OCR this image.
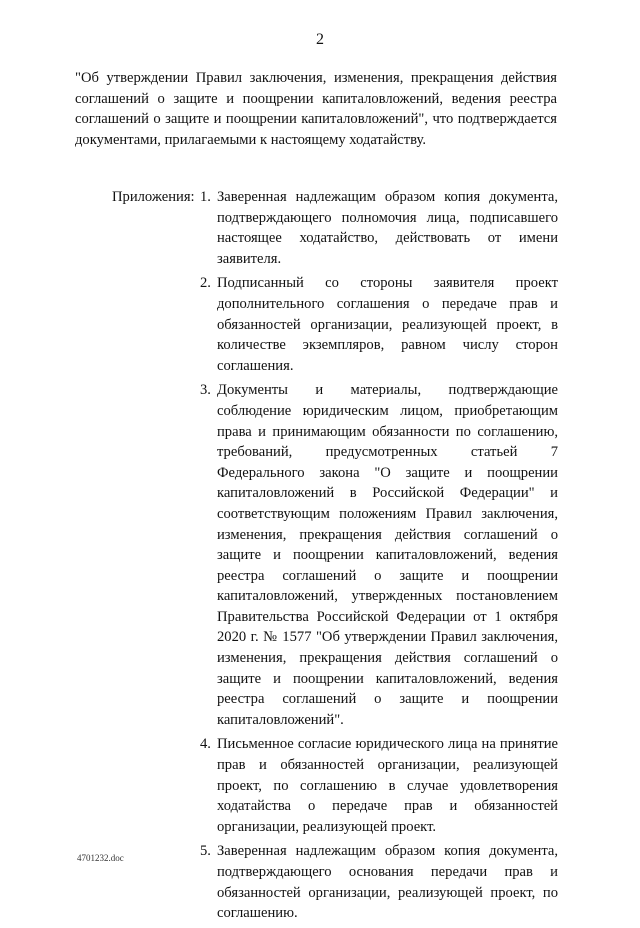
2

"Об утверждении Правил заключения, изменения, прекращения действия соглашений о защите и поощрении капиталовложений, ведения реестра соглашений о защите и поощрении капиталовложений", что подтверждается документами, прилагаемыми к настоящему ходатайству.

Приложения: 1. Заверенная надлежащим образом копия документа, подтверждающего полномочия лица, подписавшего настоящее ходатайство, действовать от имени заявителя.
2. Подписанный со стороны заявителя проект дополнительного соглашения о передаче прав и обязанностей организации, реализующей проект, в количестве экземпляров, равном числу сторон соглашения.
3. Документы и материалы, подтверждающие соблюдение юридическим лицом, приобретающим права и принимающим обязанности по соглашению, требований, предусмотренных статьей 7 Федерального закона "О защите и поощрении капиталовложений в Российской Федерации" и соответствующим положениям Правил заключения, изменения, прекращения действия соглашений о защите и поощрении капиталовложений, ведения реестра соглашений о защите и поощрении капиталовложений, утвержденных постановлением Правительства Российской Федерации от 1 октября 2020 г. № 1577 "Об утверждении Правил заключения, изменения, прекращения действия соглашений о защите и поощрении капиталовложений, ведения реестра соглашений о защите и поощрении капиталовложений".
4. Письменное согласие юридического лица на принятие прав и обязанностей организации, реализующей проект, по соглашению в случае удовлетворения ходатайства о передаче прав и обязанностей организации, реализующей проект.
5. Заверенная надлежащим образом копия документа, подтверждающего основания передачи прав и обязанностей организации, реализующей проект, по соглашению.
4701232.doc
